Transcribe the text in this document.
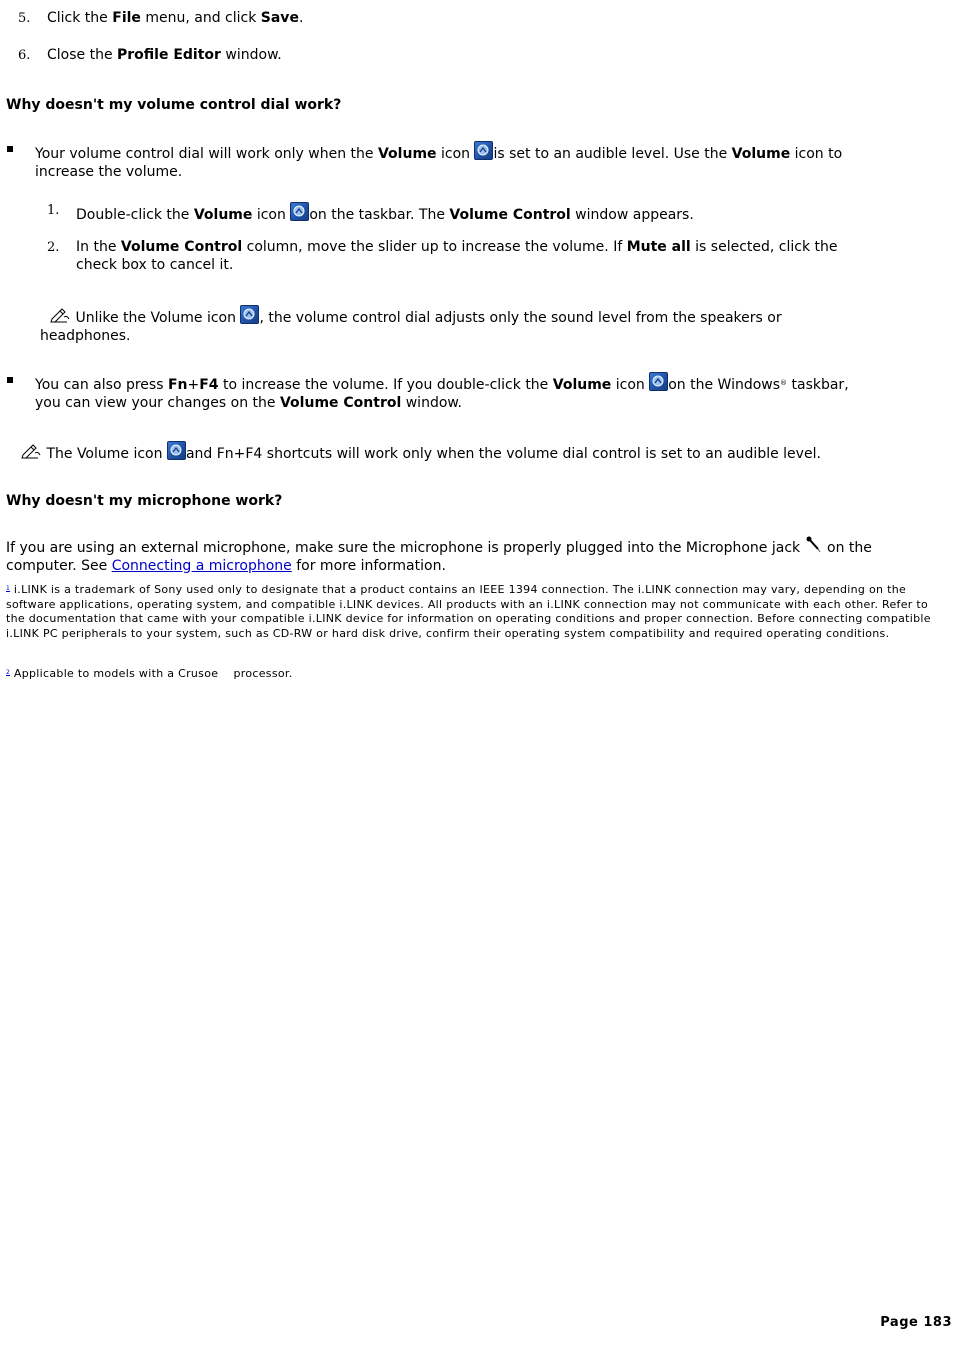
5. Click the File menu, and click Save.
6. Close the Profile Editor window.
Why doesn't my volume control dial work?
Your volume control dial will work only when the Volume icon
is set to an audible level. Use the Volume icon to
increase the volume.
1. Double-click the Volume icon
on the taskbar. The Volume Control window appears.
2. In the Volume Control column, move the slider up to increase the volume. If Mute all is selected, click the
check box to cancel it.
Unlike the Volume icon
, the volume control dial adjusts only the sound level from the speakers or
headphones.
You can also press Fn+F4 to increase the volume. If you double-click the Volume icon
on the Windows® taskbar,
you can view your changes on the Volume Control window.
The Volume icon
and Fn+F4 shortcuts will work only when the volume dial control is set to an audible level.
Why doesn't my microphone work?
If you are using an external microphone, make sure the microphone is properly plugged into the Microphone jack  on the
computer. See Connecting a microphone for more information.
$^1$ i.LINK is a trademark of Sony used only to designate that a product contains an IEEE 1394 connection. The i.LINK connection may vary, depending on the software applications, operating system, and compatible i.LINK devices. All products with an i.LINK connection may not communicate with each other. Refer to the documentation that came with your compatible i.LINK device for information on operating conditions and proper connection. Before connecting compatible i.LINK PC peripherals to your system, such as CD-RW or hard disk drive, confirm their operating system compatibility and required operating conditions.
$^2$ Applicable to models with a Crusoe    processor.
Page 183
